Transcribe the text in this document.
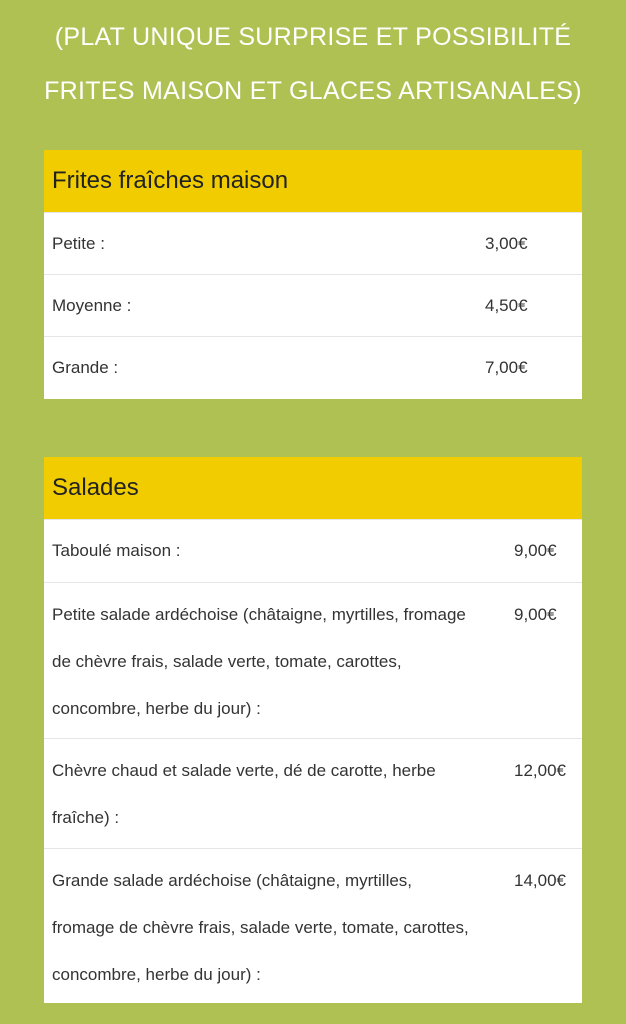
(PLAT UNIQUE SURPRISE ET POSSIBILITÉ
FRITES MAISON ET GLACES ARTISANALES)
Frites fraîches maison
Petite :	3,00€
Moyenne :	4,50€
Grande :	7,00€
Salades
Taboulé maison :	9,00€
Petite salade ardéchoise (châtaigne, myrtilles, fromage de chèvre frais, salade verte, tomate, carottes, concombre, herbe du jour) :
9,00€
Chèvre chaud et salade verte, dé de carotte, herbe fraîche) :
12,00€
Grande salade ardéchoise (châtaigne, myrtilles, fromage de chèvre frais, salade verte, tomate, carottes, concombre, herbe du jour) :
14,00€
